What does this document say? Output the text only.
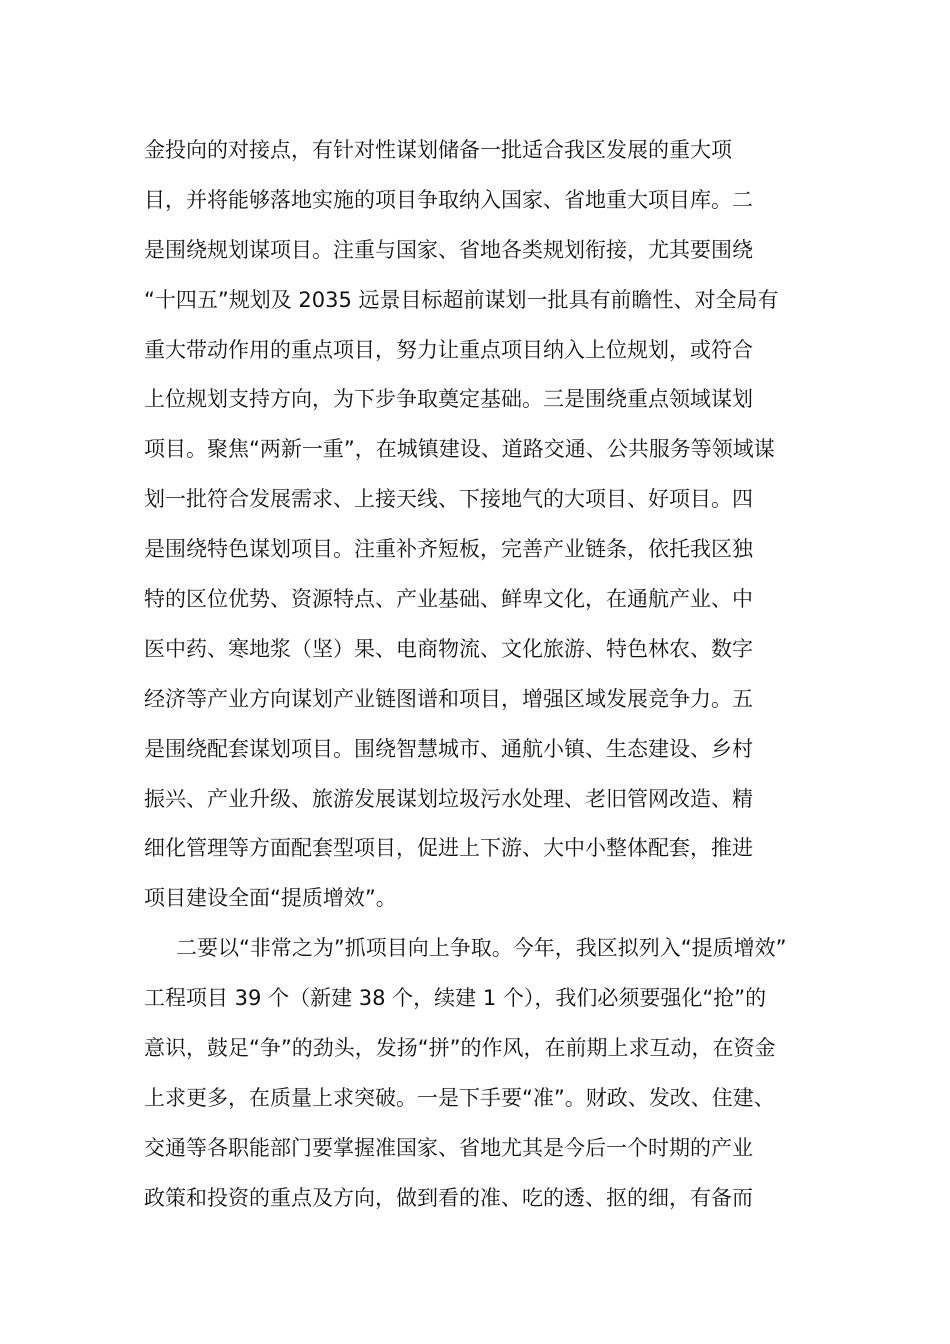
金投向的对接点，有针对性谋划储备一批适合我区发展的重大项
目，并将能够落地实施的项目争取纳入国家、省地重大项目库。二
是围绕规划谋项目。注重与国家、省地各类规划衔接，尤其要围绕
“十四五”规划及 2035 远景目标超前谋划一批具有前瞻性、对全局有
重大带动作用的重点项目，努力让重点项目纳入上位规划，或符合
上位规划支持方向，为下步争取奠定基础。三是围绕重点领域谋划
项目。聚焦“两新一重”，在城镇建设、道路交通、公共服务等领域谋
划一批符合发展需求、上接天线、下接地气的大项目、好项目。四
是围绕特色谋划项目。注重补齐短板，完善产业链条，依托我区独
特的区位优势、资源特点、产业基础、鲜卑文化，在通航产业、中
医中药、寒地浆（坚）果、电商物流、文化旅游、特色林农、数字
经济等产业方向谋划产业链图谱和项目，增强区域发展竞争力。五
是围绕配套谋划项目。围绕智慧城市、通航小镇、生态建设、乡村
振兴、产业升级、旅游发展谋划垃圾污水处理、老旧管网改造、精
细化管理等方面配套型项目，促进上下游、大中小整体配套，推进
项目建设全面“提质增效”。
二要以“非常之为”抓项目向上争取。今年，我区拟列入“提质增效”
工程项目 39 个（新建 38 个，续建 1 个），我们必须要强化“抢”的
意识，鼓足“争”的劲头，发扬“拼”的作风，在前期上求互动，在资金
上求更多，在质量上求突破。一是下手要“准”。财政、发改、住建、
交通等各职能部门要掌握准国家、省地尤其是今后一个时期的产业
政策和投资的重点及方向，做到看的准、吃的透、抠的细，有备而
